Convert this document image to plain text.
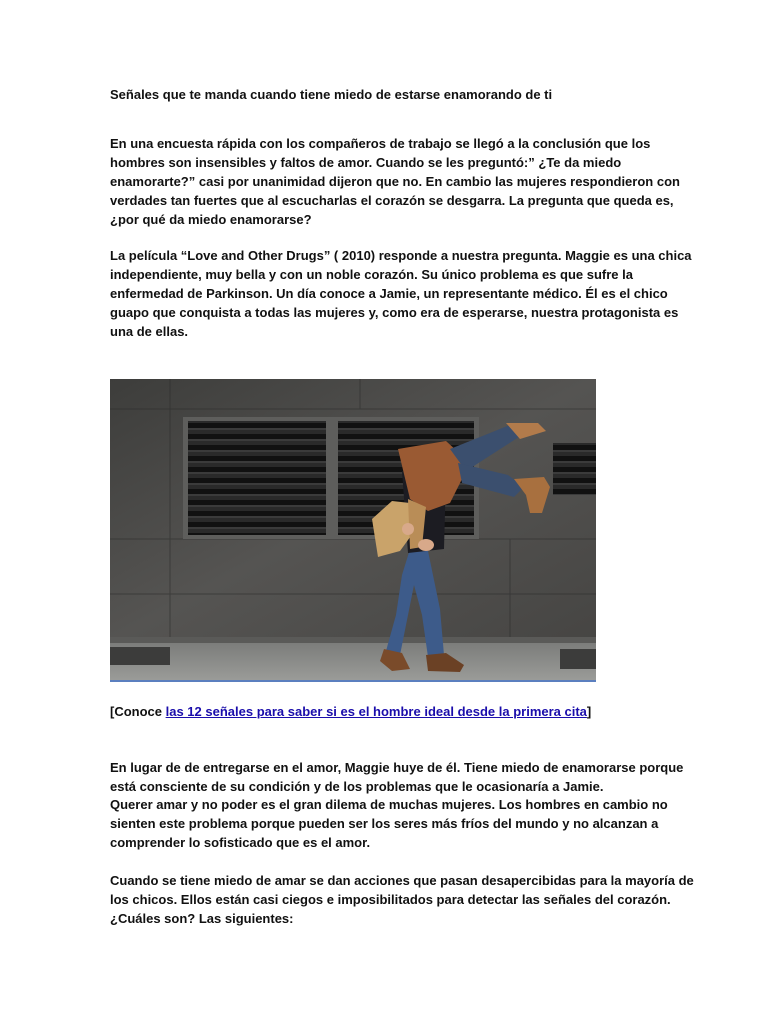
Señales que te manda cuando tiene miedo de estarse enamorando de ti

En una encuesta rápida con los compañeros de trabajo se llegó a la conclusión que los
hombres son insensibles y faltos de amor. Cuando se les preguntó:” ¿Te da miedo
enamorarte?” casi por unanimidad dijeron que no. En cambio las mujeres respondieron con
verdades tan fuertes que al escucharlas el corazón se desgarra. La pregunta que queda es,
¿por qué da miedo enamorarse?

La película “Love and Other Drugs” ( 2010) responde a nuestra pregunta. Maggie es una chica
independiente, muy bella y con un noble corazón. Su único problema es que sufre la
enfermedad de Parkinson. Un día conoce a Jamie, un representante médico. Él es el chico
guapo que conquista a todas las mujeres y, como era de esperarse, nuestra protagonista es
una de ellas.

[Conoce las 12 señales para saber si es el hombre ideal desde la primera cita]

En lugar de de entregarse en el amor, Maggie huye de él. Tiene miedo de enamorarse porque
está consciente de su condición y de los problemas que le ocasionaría a Jamie.

Querer amar y no poder es el gran dilema de muchas mujeres. Los hombres en cambio no
sienten este problema porque pueden ser los seres más fríos del mundo y no alcanzan a
comprender lo sofisticado que es el amor.

Cuando se tiene miedo de amar se dan acciones que pasan desapercibidas para la mayoría de
los chicos. Ellos están casi ciegos e imposibilitados para detectar las señales del corazón.
¿Cuáles son? Las siguientes:
